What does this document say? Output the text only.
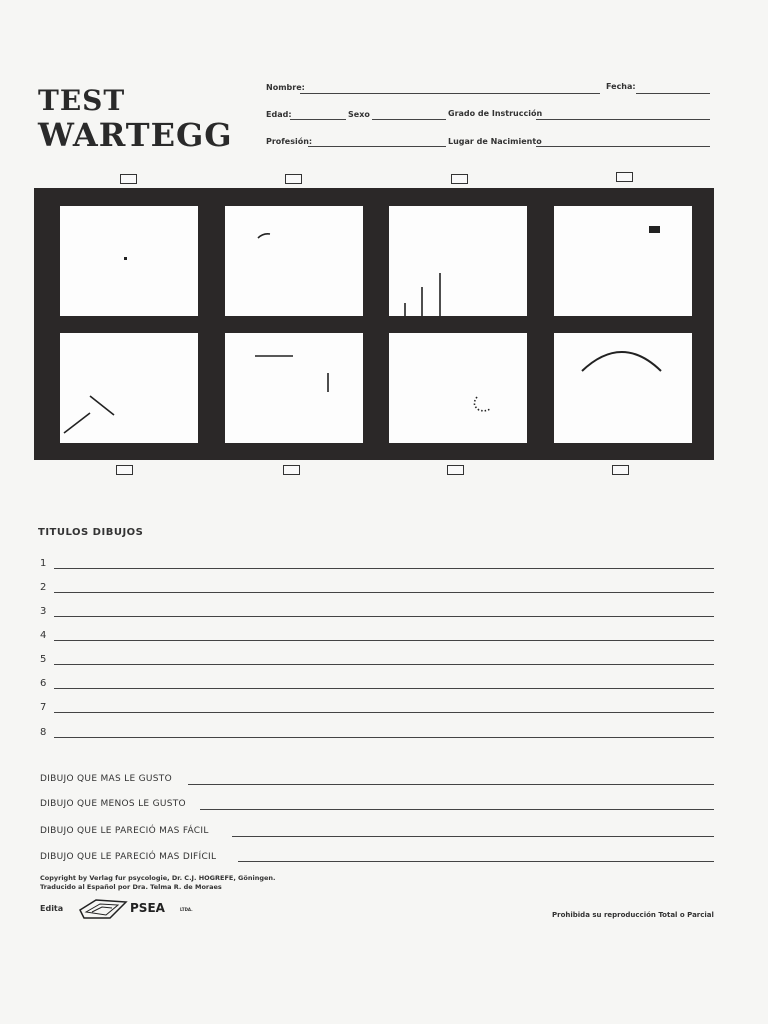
TEST
WARTEGG
Nombre:	Fecha:
Edad:	Sexo	Grado de Instrucción
Profesión:	Lugar de Nacimiento
TITULOS DIBUJOS
1
2
3
4
5
6
7
8
DIBUJO QUE MAS LE GUSTO
DIBUJO QUE MENOS LE GUSTO
DIBUJO QUE LE PARECIÓ MAS FÁCIL
DIBUJO QUE LE PARECIÓ MAS DIFÍCIL
Copyright by Verlag fur psycologie, Dr. C.J. HOGREFE, Göningen.
Traducido al Español por Dra. Telma R. de Moraes
Edita	PSEA	LTDA.
Prohibida su reproducción Total o Parcial
